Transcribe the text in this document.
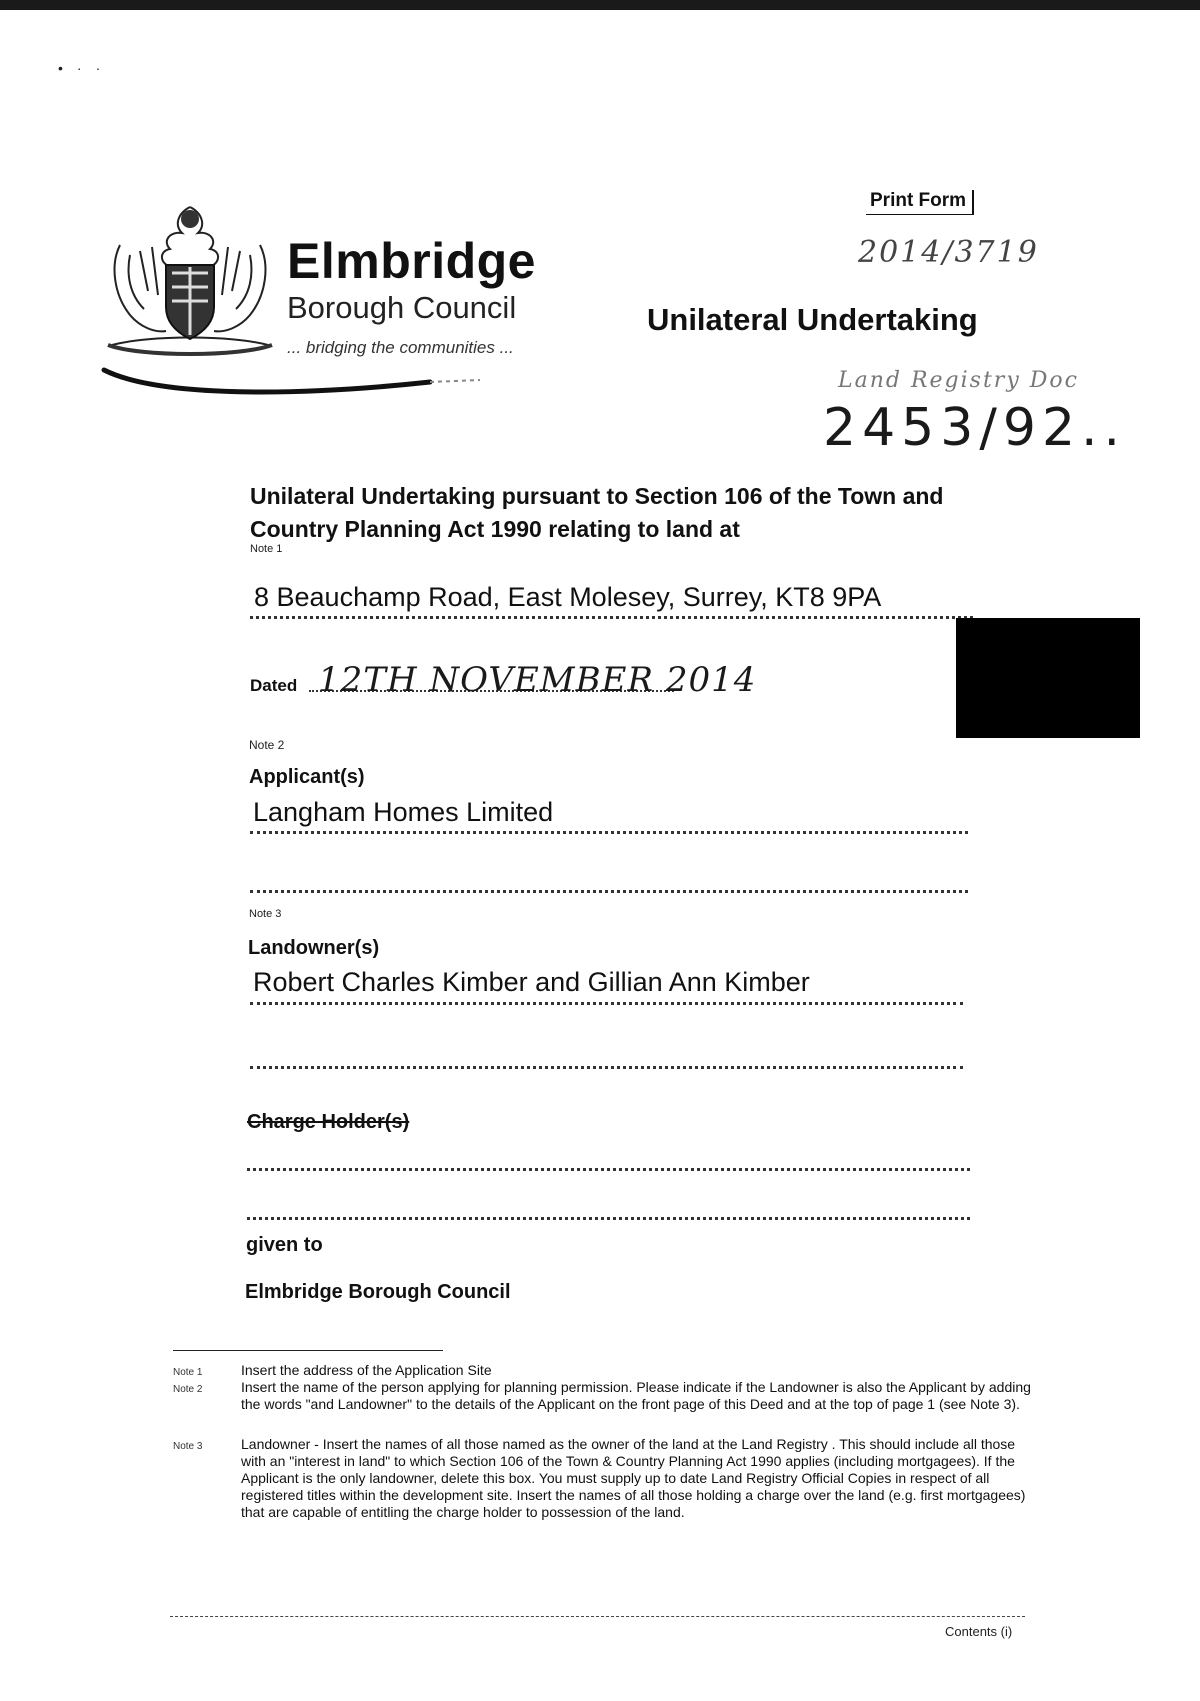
•··
Elmbridge
Borough Council
... bridging the communities ...
Print Form
2014/3719
Unilateral Undertaking
Land Registry Doc
2453/92..
Unilateral Undertaking pursuant to Section 106 of the Town and Country Planning Act 1990 relating to land at
Note 1
8 Beauchamp Road, East Molesey, Surrey, KT8 9PA
Dated 12TH NOVEMBER 2014
Note 2
Applicant(s)
Langham Homes Limited
Note 3
Landowner(s)
Robert Charles Kimber and Gillian Ann Kimber
Charge Holder(s)
given to
Elmbridge Borough Council
Note 1	Insert the address of the Application Site
Note 2	Insert the name of the person applying for planning permission. Please indicate if the Landowner is also the Applicant by adding the words "and Landowner" to the details of the Applicant on the front page of this Deed and at the top of page 1 (see Note 3).
Note 3	Landowner - Insert the names of all those named as the owner of the land at the Land Registry . This should include all those with an "interest in land" to which Section 106 of the Town & Country Planning Act 1990 applies (including mortgagees). If the Applicant is the only landowner, delete this box. You must supply up to date Land Registry Official Copies in respect of all registered titles within the development site. Insert the names of all those holding a charge over the land (e.g. first mortgagees) that are capable of entitling the charge holder to possession of the land.
Contents (i)
